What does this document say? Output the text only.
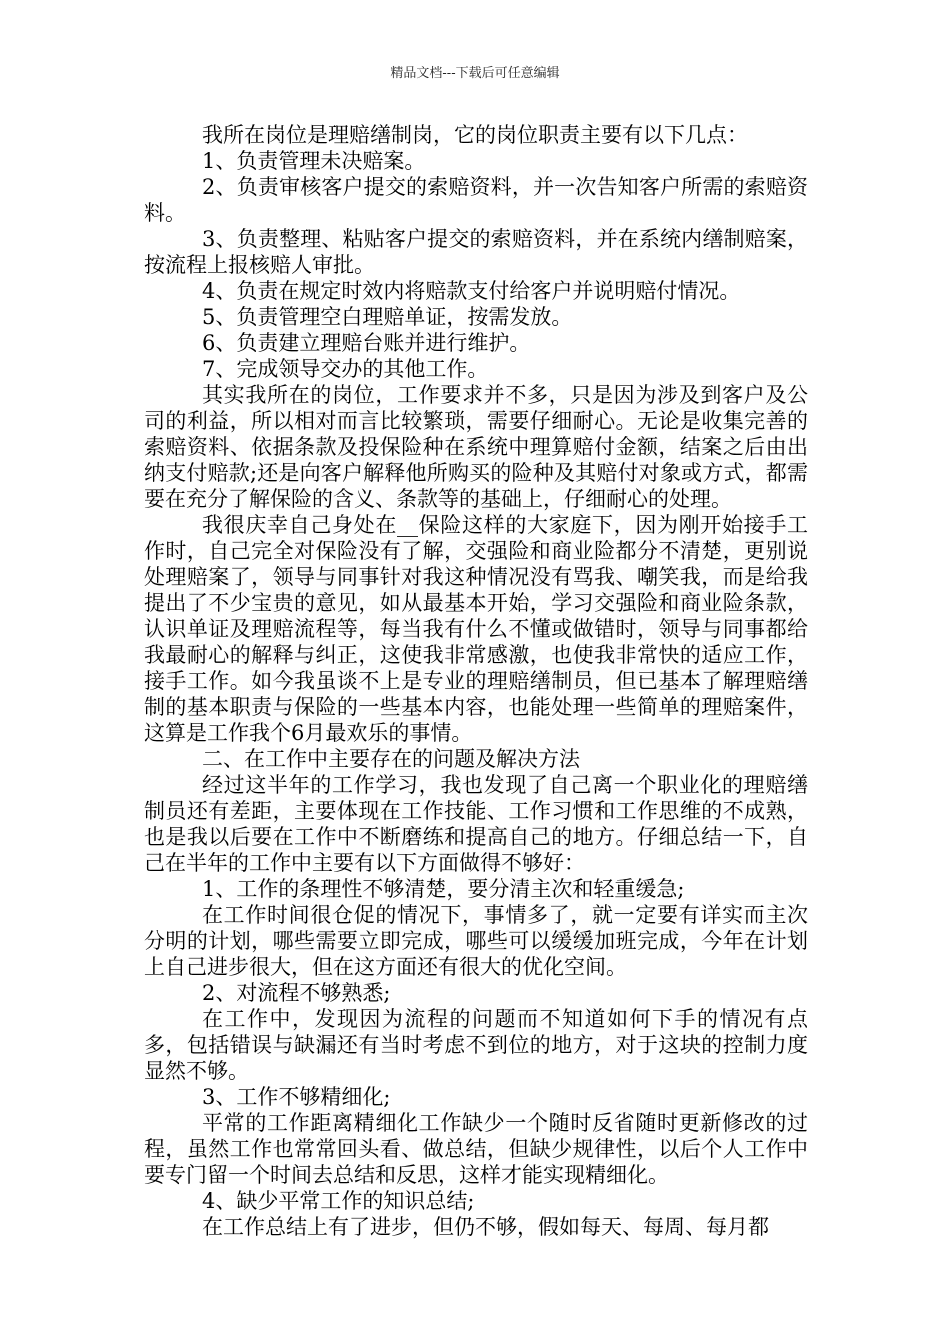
精品文档---下载后可任意编辑

我所在岗位是理赔缮制岗，它的岗位职责主要有以下几点：

1、负责管理未决赔案。

2、负责审核客户提交的索赔资料，并一次告知客户所需的索赔资料。

3、负责整理、粘贴客户提交的索赔资料，并在系统内缮制赔案，按流程上报核赔人审批。

4、负责在规定时效内将赔款支付给客户并说明赔付情况。

5、负责管理空白理赔单证，按需发放。

6、负责建立理赔台账并进行维护。

7、完成领导交办的其他工作。

其实我所在的岗位，工作要求并不多，只是因为涉及到客户及公司的利益，所以相对而言比较繁琐，需要仔细耐心。无论是收集完善的索赔资料、依据条款及投保险种在系统中理算赔付金额，结案之后由出纳支付赔款;还是向客户解释他所购买的险种及其赔付对象或方式，都需要在充分了解保险的含义、条款等的基础上，仔细耐心的处理。

我很庆幸自己身处在__保险这样的大家庭下，因为刚开始接手工作时，自己完全对保险没有了解，交强险和商业险都分不清楚，更别说处理赔案了，领导与同事针对我这种情况没有骂我、嘲笑我，而是给我提出了不少宝贵的意见，如从最基本开始，学习交强险和商业险条款，认识单证及理赔流程等，每当我有什么不懂或做错时，领导与同事都给我最耐心的解释与纠正，这使我非常感激，也使我非常快的适应工作，接手工作。如今我虽谈不上是专业的理赔缮制员，但已基本了解理赔缮制的基本职责与保险的一些基本内容，也能处理一些简单的理赔案件，这算是工作我个6月最欢乐的事情。

二、在工作中主要存在的问题及解决方法

经过这半年的工作学习，我也发现了自己离一个职业化的理赔缮制员还有差距，主要体现在工作技能、工作习惯和工作思维的不成熟，也是我以后要在工作中不断磨练和提高自己的地方。仔细总结一下，自己在半年的工作中主要有以下方面做得不够好：

1、工作的条理性不够清楚，要分清主次和轻重缓急;

在工作时间很仓促的情况下，事情多了，就一定要有详实而主次分明的计划，哪些需要立即完成，哪些可以缓缓加班完成，今年在计划上自己进步很大，但在这方面还有很大的优化空间。

2、对流程不够熟悉;

在工作中，发现因为流程的问题而不知道如何下手的情况有点多，包括错误与缺漏还有当时考虑不到位的地方，对于这块的控制力度显然不够。

3、工作不够精细化;

平常的工作距离精细化工作缺少一个随时反省随时更新修改的过程，虽然工作也常常回头看、做总结，但缺少规律性，以后个人工作中要专门留一个时间去总结和反思，这样才能实现精细化。

4、缺少平常工作的知识总结;

在工作总结上有了进步，但仍不够，假如每天、每周、每月都
